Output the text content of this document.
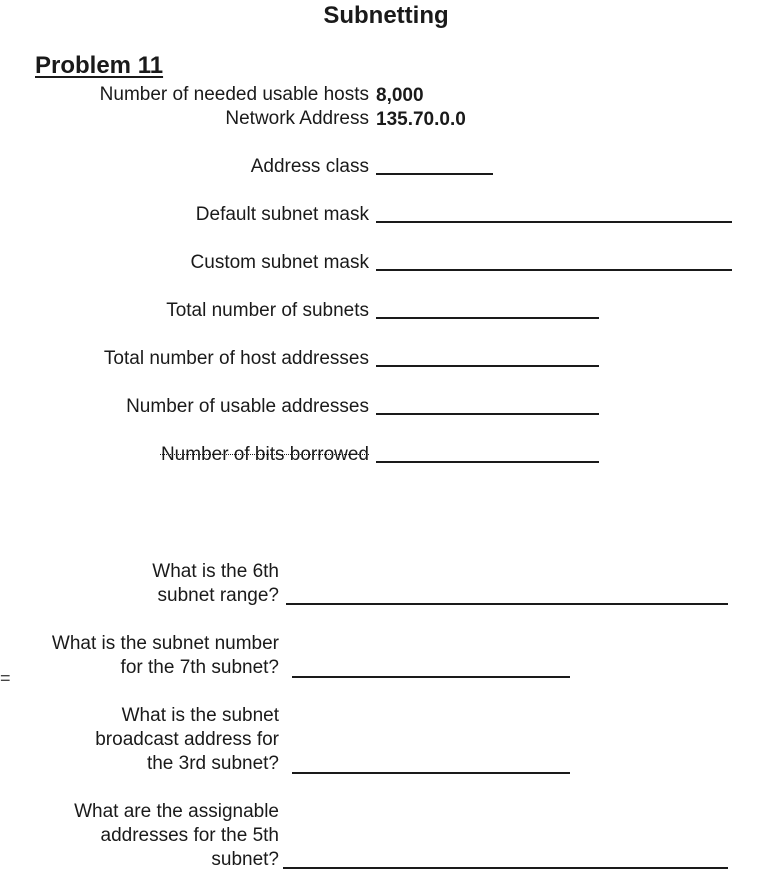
Subnetting
Problem 11
Number of needed usable hosts 8,000
Network Address 135.70.0.0
Address class
Default subnet mask
Custom subnet mask
Total number of subnets
Total number of host addresses
Number of usable addresses
Number of bits borrowed
What is the 6th
subnet range?
What is the subnet number
for the 7th subnet?
What is the subnet
broadcast address for
the 3rd subnet?
What are the assignable
addresses for the 5th
subnet?
=
